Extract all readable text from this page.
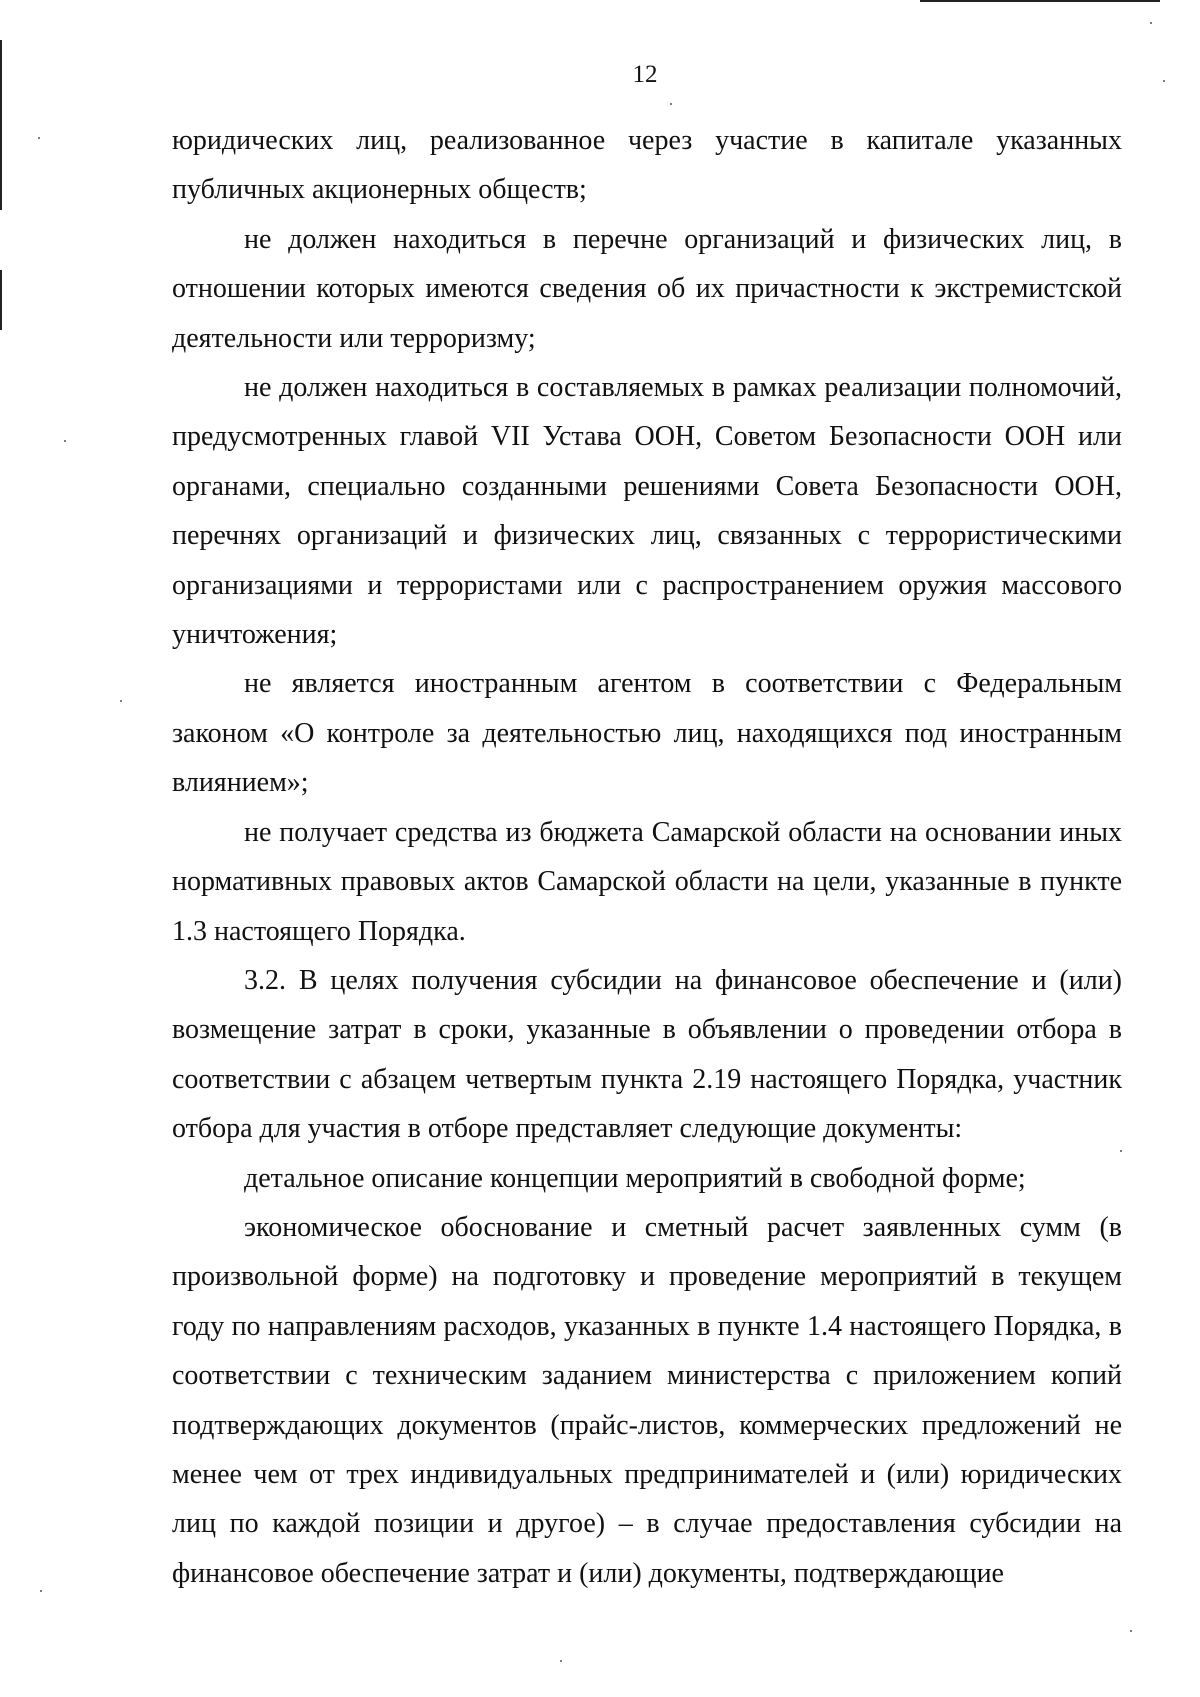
12

юридических лиц, реализованное через участие в капитале указанных публичных акционерных обществ;

не должен находиться в перечне организаций и физических лиц, в отношении которых имеются сведения об их причастности к экстремистской деятельности или терроризму;

не должен находиться в составляемых в рамках реализации полномочий, предусмотренных главой VII Устава ООН, Советом Безопасности ООН или органами, специально созданными решениями Совета Безопасности ООН, перечнях организаций и физических лиц, связанных с террористическими организациями и террористами или с распространением оружия массового уничтожения;

не является иностранным агентом в соответствии с Федеральным законом «О контроле за деятельностью лиц, находящихся под иностранным влиянием»;

не получает средства из бюджета Самарской области на основании иных нормативных правовых актов Самарской области на цели, указанные в пункте 1.3 настоящего Порядка.

3.2. В целях получения субсидии на финансовое обеспечение и (или) возмещение затрат в сроки, указанные в объявлении о проведении отбора в соответствии с абзацем четвертым пункта 2.19 настоящего Порядка, участник отбора для участия в отборе представляет следующие документы:

детальное описание концепции мероприятий в свободной форме;

экономическое обоснование и сметный расчет заявленных сумм (в произвольной форме) на подготовку и проведение мероприятий в текущем году по направлениям расходов, указанных в пункте 1.4 настоящего Порядка, в соответствии с техническим заданием министерства с приложением копий подтверждающих документов (прайс-листов, коммерческих предложений не менее чем от трех индивидуальных предпринимателей и (или) юридических лиц по каждой позиции и другое) – в случае предоставления субсидии на финансовое обеспечение затрат и (или) документы, подтверждающие
